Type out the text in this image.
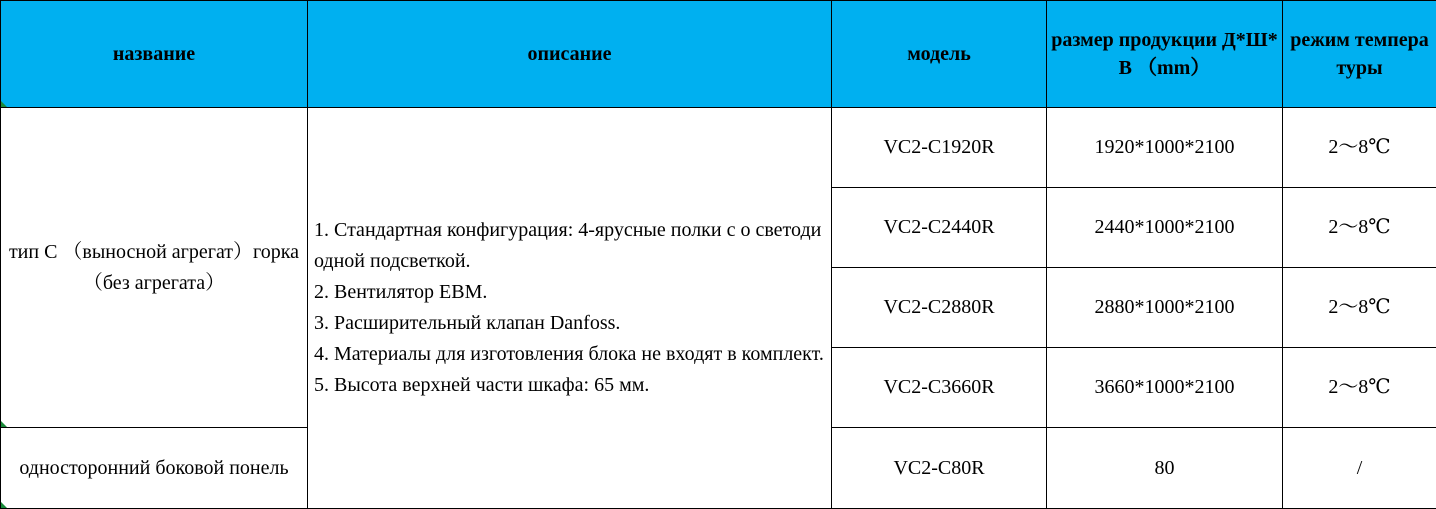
название	описание	модель	размер продукции Д*Ш*В （mm）	режим температуры
тип C （выносной агрегат）горка（без агрегата）	1. Стандартная конфигурация: 4-ярусные полки с о светодиодной подсветкой.
2. Вентилятор EBM.
3. Расширительный клапан Danfoss.
4. Материалы для изготовления блока не входят в комплект.
5. Высота верхней части шкафа: 65 мм.	VC2-C1920R	1920*1000*2100	2～8℃
		VC2-C2440R	2440*1000*2100	2～8℃
		VC2-C2880R	2880*1000*2100	2～8℃
		VC2-C3660R	3660*1000*2100	2～8℃
односторонний боковой понель		VC2-C80R	80	/
